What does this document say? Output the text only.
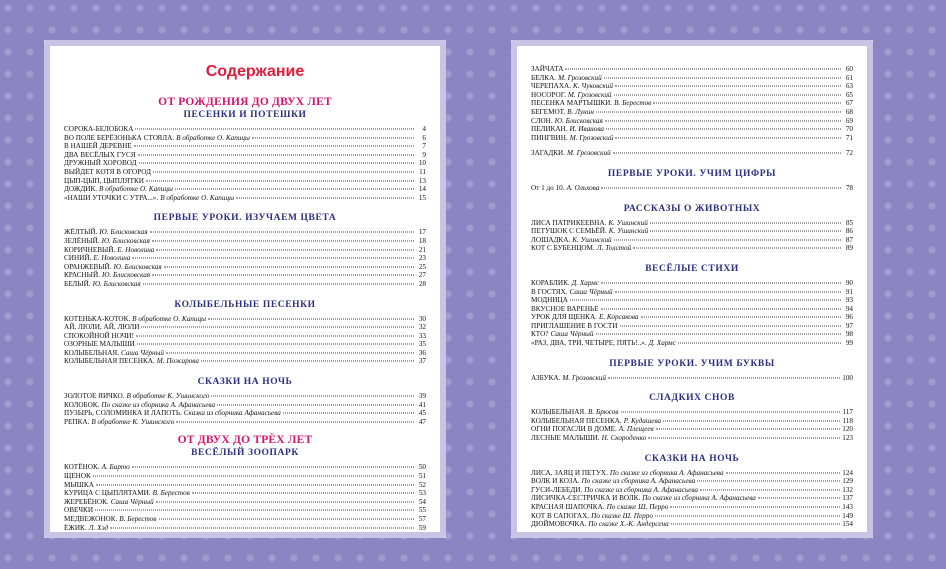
Содержание
ОТ РОЖДЕНИЯ ДО ДВУХ ЛЕТ
ПЕСЕНКИ И ПОТЕШКИ
СОРОКА-БЕЛОБОКА	4
ВО ПОЛЕ БЕРЁЗОНЬКА СТОЯЛА. В обработке О. Капицы	6
В НАШЕЙ ДЕРЕВНЕ	7
ДВА ВЕСЁЛЫХ ГУСЯ	9
ДРУЖНЫЙ ХОРОВОД	10
ВЫЙДЕТ КОТЯ В ОГОРОД	11
ЦЫП-ЦЫП, ЦЫПЛЯТКИ	13
ДОЖДИК. В обработке О. Капицы	14
«НАШИ УТОЧКИ С УТРА...». В обработке О. Капицы	15
ПЕРВЫЕ УРОКИ. ИЗУЧАЕМ ЦВЕТА
ЖЁЛТЫЙ. Ю. Блисковская	17
ЗЕЛЁНЫЙ. Ю. Блисковская	18
КОРИЧНЕВЫЙ. Е. Новолина	21
СИНИЙ. Е. Новолина	23
ОРАНЖЕВЫЙ. Ю. Блисковская	25
КРАСНЫЙ. Ю. Блисковская	27
БЕЛЫЙ. Ю. Блисковская	28
КОЛЫБЕЛЬНЫЕ ПЕСЕНКИ
КОТЕНЬКА-КОТОК. В обработке О. Капицы	30
АЙ, ЛЮЛИ, АЙ, ЛЮЛИ	32
СПОКОЙНОЙ НОЧИ!	33
ОЗОРНЫЕ МАЛЫШИ	35
КОЛЫБЕЛЬНАЯ. Саша Чёрный	36
КОЛЫБЕЛЬНАЯ ПЕСЕНКА. М. Пожарова	37
СКАЗКИ НА НОЧЬ
ЗОЛОТОЕ ЯИЧКО. В обработке К. Ушинского	39
КОЛОБОК. По сказке из сборника А. Афанасьева	41
ПУЗЫРЬ, СОЛОМИНКА И ЛАПОТЬ. Сказка из сборника Афанасьева	45
РЕПКА. В обработке К. Ушинского	47
ОТ ДВУХ ДО ТРЁХ ЛЕТ
ВЕСЁЛЫЙ ЗООПАРК
КОТЁНОК. А. Барто	50
ЩЕНОК	51
МЫШКА	52
КУРИЦА С ЦЫПЛЯТАМИ. В. Берестов	53
ЖЕРЕБЁНОК. Саша Чёрный	54
ОВЕЧКИ	55
МЕДВЕЖОНОК. В. Берестов	57
ЁЖИК. Л. Хэд	59
ЗАЙЧАТА	60
БЕЛКА. М. Грозовский	61
ЧЕРЕПАХА. К. Чуковский	63
НОСОРОГ. М. Грозовский	65
ПЕСЕНКА МАРТЫШКИ. В. Берестов	67
БЕГЕМОТ. В. Лунин	68
СЛОН. Ю. Блисковская	69
ПЕЛИКАН. И. Иванова	70
ПИНГВИН. М. Грозовский	71
ЗАГАДКИ. М. Грозовский	72
ПЕРВЫЕ УРОКИ. УЧИМ ЦИФРЫ
От 1 до 10. А. Ольхова	78
РАССКАЗЫ О ЖИВОТНЫХ
ЛИСА ПАТРИКЕЕВНА. К. Ушинский	85
ПЕТУШОК С СЕМЬЁЙ. К. Ушинский	86
ЛОШАДКА. К. Ушинский	87
КОТ С БУБЕНЦОМ. Л. Толстой	89
ВЕСЁЛЫЕ СТИХИ
КОРАБЛИК. Д. Хармс	90
В ГОСТЯХ. Саша Чёрный	91
МОДНИЦА	93
ВКУСНОЕ ВАРЕНЬЕ	94
УРОК ДЛЯ ЩЕНКА. Е. Корсакова	96
ПРИГЛАШЕНИЕ В ГОСТИ	97
КТО? Саша Чёрный	98
«РАЗ, ДВА, ТРИ, ЧЕТЫРЕ, ПЯТЬ!..». Д. Хармс	99
ПЕРВЫЕ УРОКИ. УЧИМ БУКВЫ
АЗБУКА. М. Грозовский	100
СЛАДКИХ СНОВ
КОЛЫБЕЛЬНАЯ. В. Брюсов	117
КОЛЫБЕЛЬНАЯ ПЕСЕНКА. Р. Кудашева	118
ОГНИ ПОГАСЛИ В ДОМЕ. А. Плещеев	120
ЛЕСНЫЕ МАЛЫШИ. Н. Скороденко	123
СКАЗКИ НА НОЧЬ
ЛИСА, ЗАЯЦ И ПЕТУХ. По сказке из сборника А. Афанасьева	124
ВОЛК И КОЗА. По сказке из сборника А. Афанасьева	129
ГУСИ-ЛЕБЕДИ. По сказке из сборника А. Афанасьева	132
ЛИСИЧКА-СЕСТРИЧКА И ВОЛК. По сказке из сборника А. Афанасьева	137
КРАСНАЯ ШАПОЧКА. По сказке Ш. Перро	143
КОТ В САПОГАХ. По сказке Ш. Перро	149
ДЮЙМОВОЧКА. По сказке Х.-К. Андерсена	154
